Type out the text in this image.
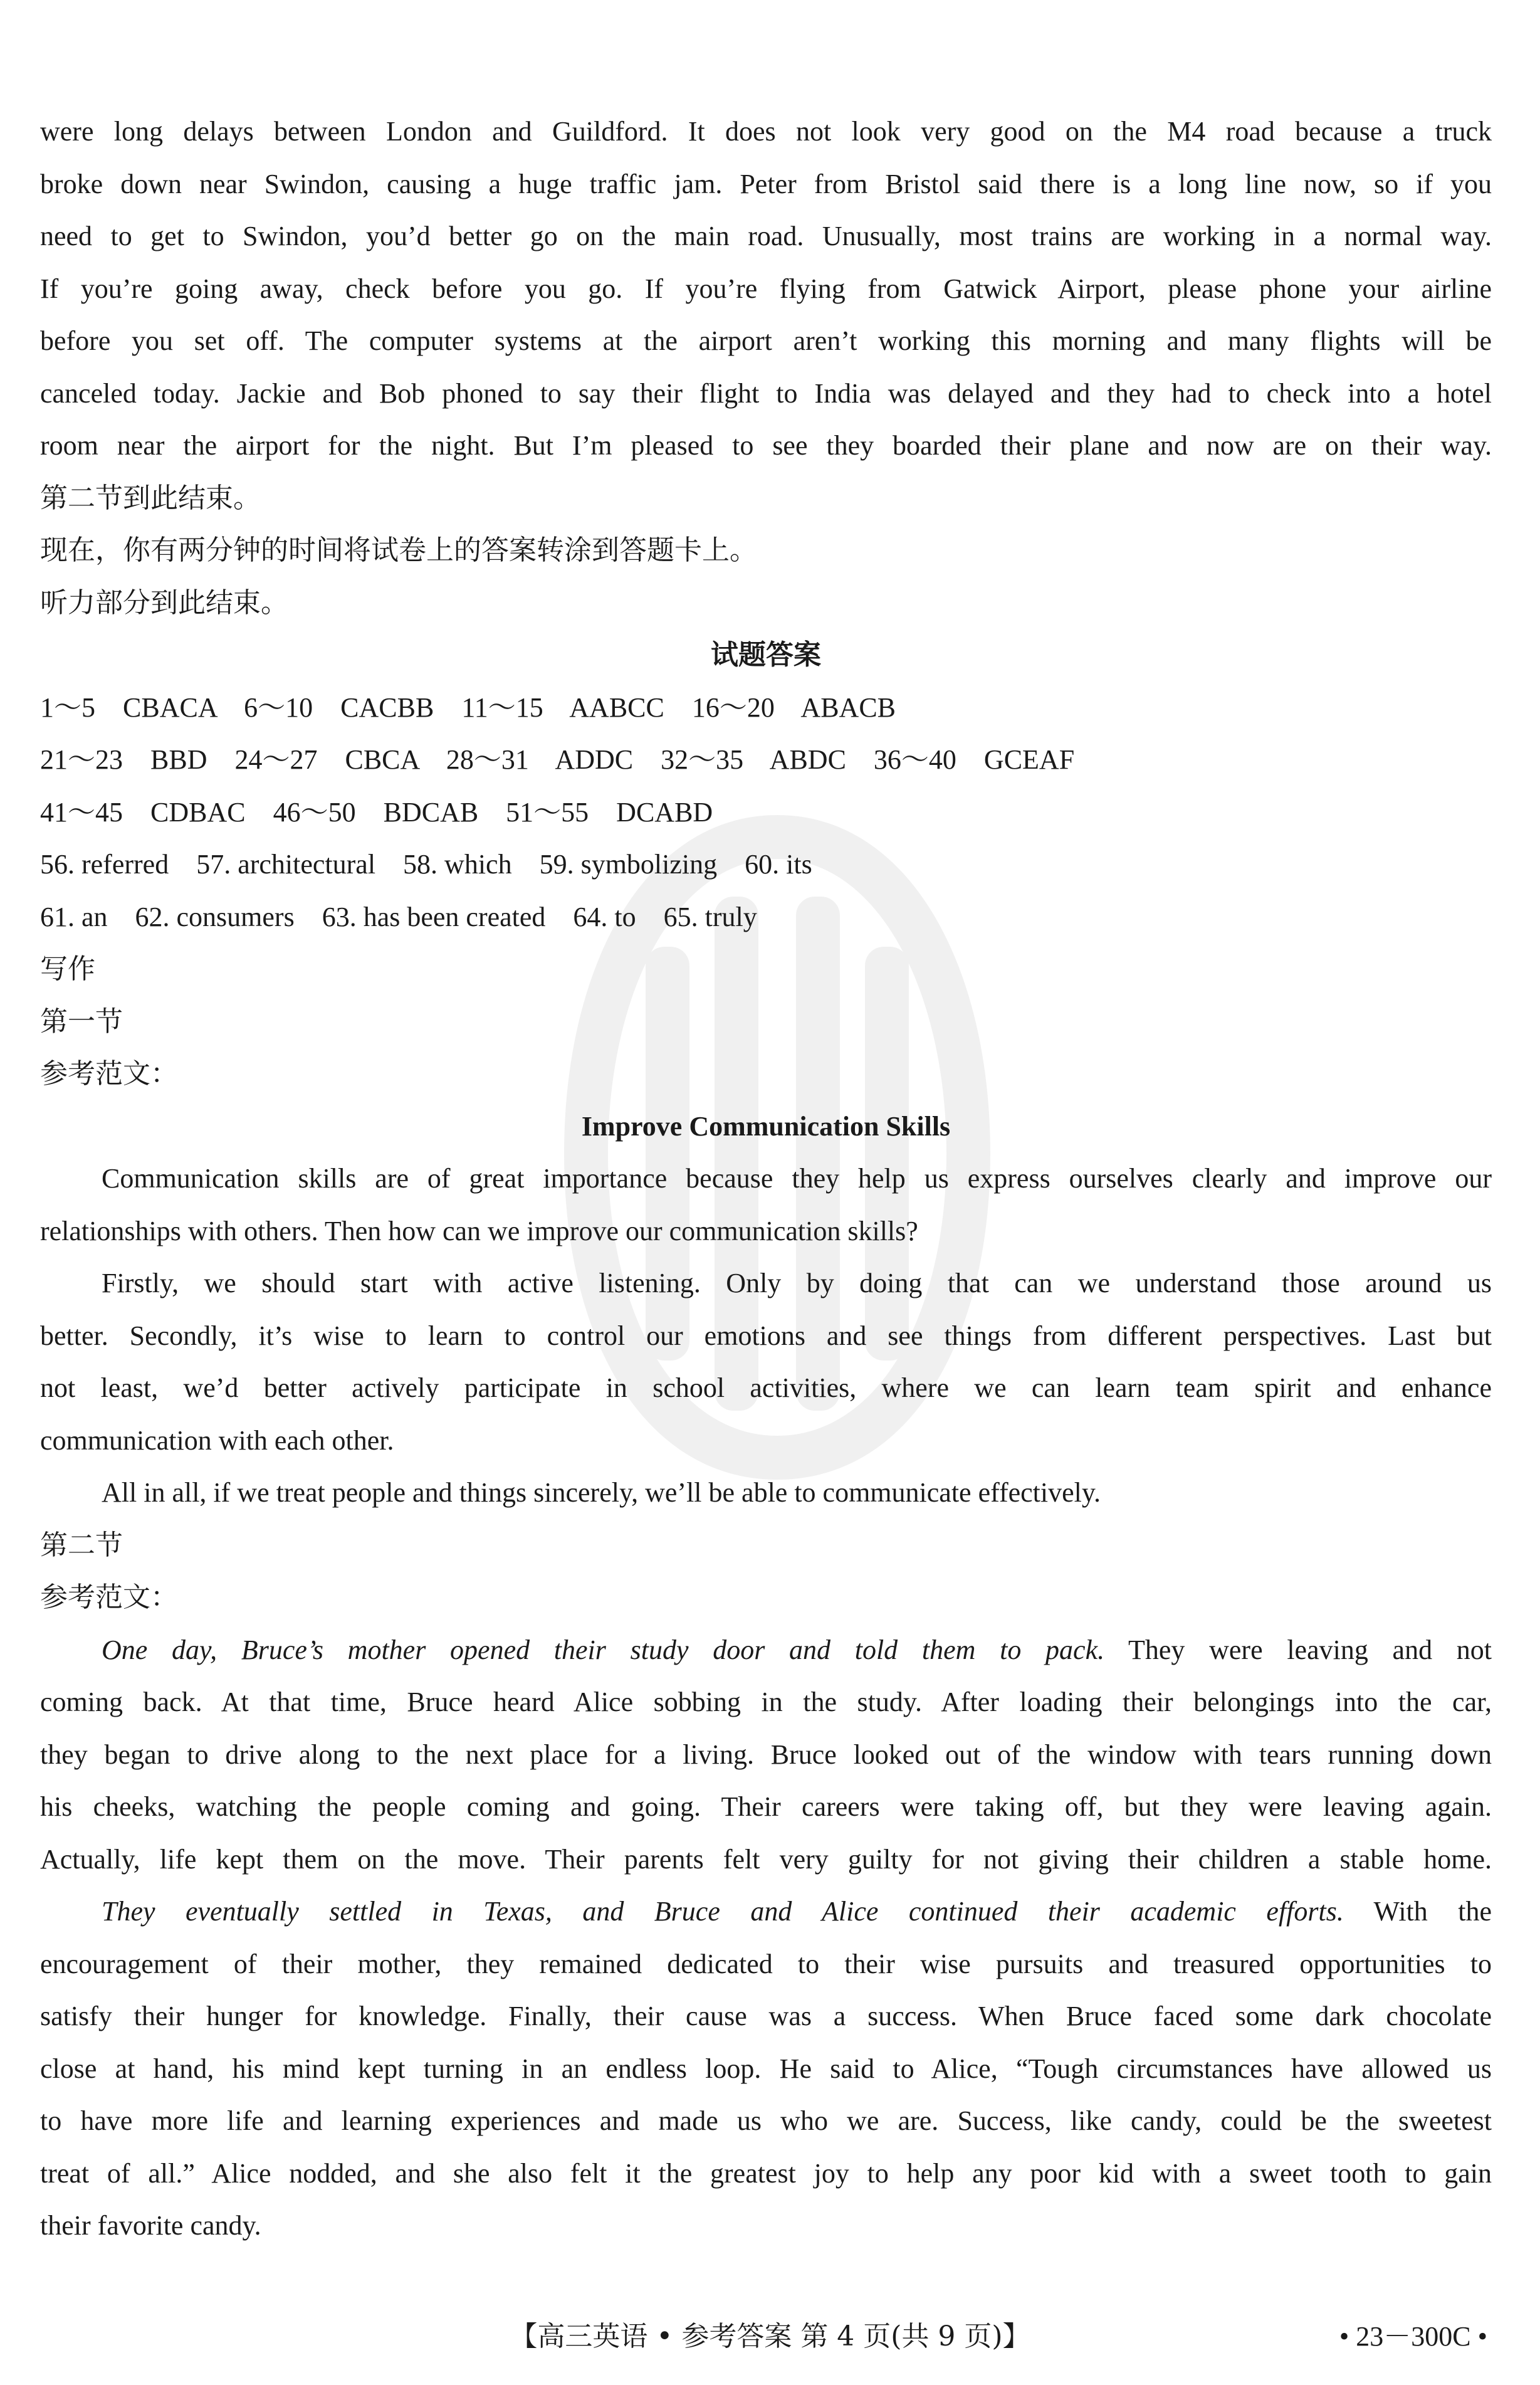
were long delays between London and Guildford. It does not look very good on the M4 road because a truck

broke down near Swindon, causing a huge traffic jam. Peter from Bristol said there is a long line now, so if you

need to get to Swindon, you’d better go on the main road. Unusually, most trains are working in a normal way.

If you’re going away, check before you go. If you’re flying from Gatwick Airport, please phone your airline

before you set off. The computer systems at the airport aren’t working this morning and many flights will be

canceled today. Jackie and Bob phoned to say their flight to India was delayed and they had to check into a hotel

room near the airport for the night. But I’m pleased to see they boarded their plane and now are on their way.

第二节到此结束。

现在，你有两分钟的时间将试卷上的答案转涂到答题卡上。

听力部分到此结束。

试题答案

1～5    CBACA    6～10    CACBB    11～15    AABCC    16～20    ABACB

21～23    BBD    24～27    CBCA    28～31    ADDC    32～35    ABDC    36～40    GCEAF

41～45    CDBAC    46～50    BDCAB    51～55    DCABD

56. referred    57. architectural    58. which    59. symbolizing    60. its

61. an    62. consumers    63. has been created    64. to    65. truly

写作

第一节

参考范文：

Improve Communication Skills

Communication skills are of great importance because they help us express ourselves clearly and improve our

relationships with others. Then how can we improve our communication skills?

Firstly, we should start with active listening. Only by doing that can we understand those around us

better. Secondly, it’s wise to learn to control our emotions and see things from different perspectives. Last but

not least, we’d better actively participate in school activities, where we can learn team spirit and enhance

communication with each other.

All in all, if we treat people and things sincerely, we’ll be able to communicate effectively.

第二节

参考范文：

One day, Bruce’s mother opened their study door and told them to pack. They were leaving and not

coming back. At that time, Bruce heard Alice sobbing in the study. After loading their belongings into the car,

they began to drive along to the next place for a living. Bruce looked out of the window with tears running down

his cheeks, watching the people coming and going. Their careers were taking off, but they were leaving again.

Actually, life kept them on the move. Their parents felt very guilty for not giving their children a stable home.

They eventually settled in Texas, and Bruce and Alice continued their academic efforts. With the

encouragement of their mother, they remained dedicated to their wise pursuits and treasured opportunities to

satisfy their hunger for knowledge. Finally, their cause was a success. When Bruce faced some dark chocolate

close at hand, his mind kept turning in an endless loop. He said to Alice, “Tough circumstances have allowed us

to have more life and learning experiences and made us who we are. Success, like candy, could be the sweetest

treat of all.” Alice nodded, and she also felt it the greatest joy to help any poor kid with a sweet tooth to gain

their favorite candy.

【高三英语 • 参考答案 第 4 页(共 9 页)】	• 23－300C •
